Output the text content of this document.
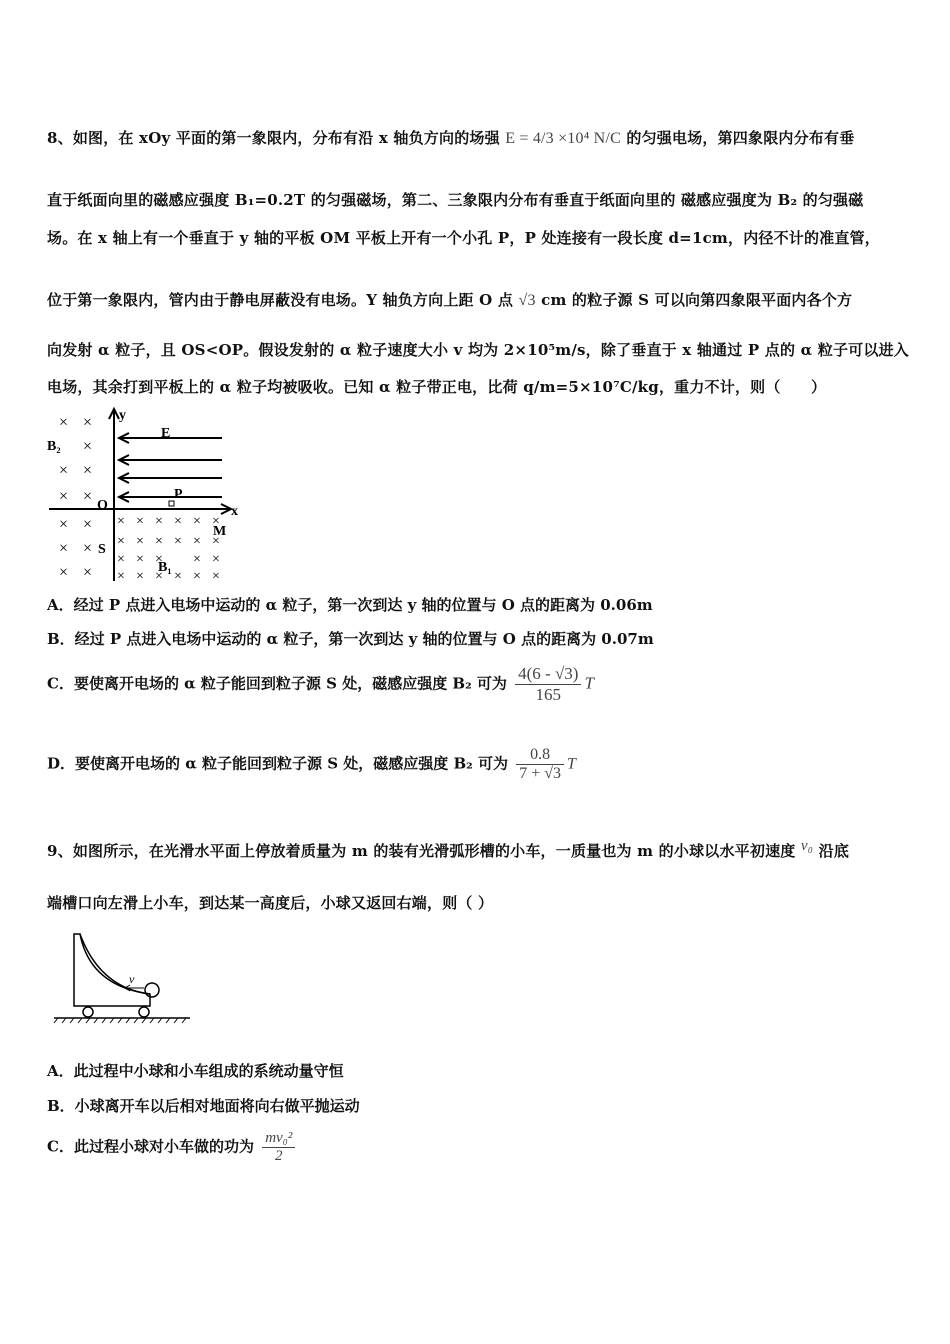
8、如图，在 xOy 平面的第一象限内，分布有沿 x 轴负方向的场强 E = 4/3 ×10⁴ N/C 的匀强电场，第四象限内分布有垂
直于纸面向里的磁感应强度 B₁=0.2T 的匀强磁场，第二、三象限内分布有垂直于纸面向里的 磁感应强度为 B₂ 的匀强磁
场。在 x 轴上有一个垂直于 y 轴的平板 OM 平板上开有一个小孔 P，P 处连接有一段长度 d=1cm，内径不计的准直管，
位于第一象限内，管内由于静电屏蔽没有电场。Y 轴负方向上距 O 点 √3 cm 的粒子源 S 可以向第四象限平面内各个方
向发射 α 粒子，且 OS<OP。假设发射的 α 粒子速度大小 v 均为 2×10⁵m/s，除了垂直于 x 轴通过 P 点的 α 粒子可以进入
电场，其余打到平板上的 α 粒子均被吸收。已知 α 粒子带正电，比荷 q/m=5×10⁷C/kg，重力不计，则（　　）
× ×
×
× ×
× ×
× ×
× ×
× ×
× × × × × ×
× × × × × ×
× × × × ×
× × × × × ×
y
E
B₂
O
P
x
M
S
B₁
A．经过 P 点进入电场中运动的 α 粒子，第一次到达 y 轴的位置与 O 点的距离为 0.06m
B．经过 P 点进入电场中运动的 α 粒子，第一次到达 y 轴的位置与 O 点的距离为 0.07m
C．要使离开电场的 α 粒子能回到粒子源 S 处，磁感应强度 B₂ 可为 $\frac{4(6 - √3)}{165}$ T
D．要使离开电场的 α 粒子能回到粒子源 S 处，磁感应强度 B₂ 可为 $\frac{0.8}{7 + √3}$ T
9、如图所示，在光滑水平面上停放着质量为 m 的装有光滑弧形槽的小车，一质量也为 m 的小球以水平初速度 v₀ 沿底
端槽口向左滑上小车，到达某一高度后，小球又返回右端，则（ ）
v
A．此过程中小球和小车组成的系统动量守恒
B．小球离开车以后相对地面将向右做平抛运动
C．此过程小球对小车做的功为 $\frac{\text{mv₀²}}{2}$
